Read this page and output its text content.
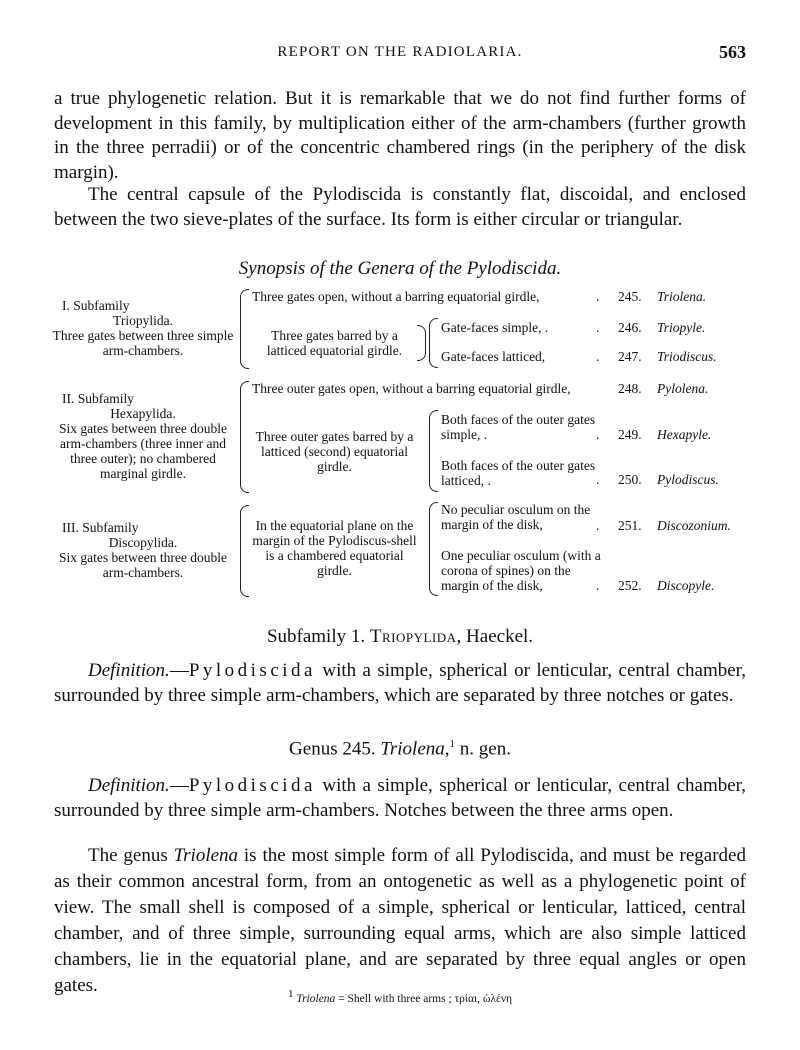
REPORT ON THE RADIOLARIA.	563

a true phylogenetic relation. But it is remarkable that we do not find further forms of development in this family, by multiplication either of the arm-chambers (further growth in the three perradii) or of the concentric chambered rings (in the periphery of the disk margin).

The central capsule of the Pylodiscida is constantly flat, discoidal, and enclosed between the two sieve-plates of the surface. Its form is either circular or triangular.

Synopsis of the Genera of the Pylodiscida.

I. Subfamily
Triopylida.
Three gates between three simple arm-chambers.
Three gates open, without a barring equatorial girdle,
Three gates barred by a latticed equatorial girdle.
Gate-faces simple, .
Gate-faces latticed,
II. Subfamily
Hexapylida.
Six gates between three double arm-chambers (three inner and three outer); no chambered marginal girdle.
Three outer gates open, without a barring equatorial girdle,
Three outer gates barred by a latticed (second) equatorial girdle.
Both faces of the outer gates simple, .
Both faces of the outer gates latticed, .
III. Subfamily
Discopylida.
Six gates between three double arm-chambers.
In the equatorial plane on the margin of the Pylodiscus-shell is a chambered equatorial girdle.
No peculiar osculum on the margin of the disk,
One peculiar osculum (with a corona of spines) on the margin of the disk,
.
.
.
.
.
.
.
245. Triolena.
246. Triopyle.
247. Triodiscus.
248. Pylolena.
249. Hexapyle.
250. Pylodiscus.
251. Discozonium.
252. Discopyle.

Subfamily 1. Triopylida, Haeckel.

Definition.—Pylodiscida with a simple, spherical or lenticular, central chamber, surrounded by three simple arm-chambers, which are separated by three notches or gates.

Genus 245. Triolena,$^1$ n. gen.

Definition.—Pylodiscida with a simple, spherical or lenticular, central chamber, surrounded by three simple arm-chambers. Notches between the three arms open.

The genus Triolena is the most simple form of all Pylodiscida, and must be regarded as their common ancestral form, from an ontogenetic as well as a phylogenetic point of view. The small shell is composed of a simple, spherical or lenticular, latticed, central chamber, and of three simple, surrounding equal arms, which are also simple latticed chambers, lie in the equatorial plane, and are separated by three equal angles or open gates.	$^1$ Triolena = Shell with three arms ; τρίαι, ὠλένη
